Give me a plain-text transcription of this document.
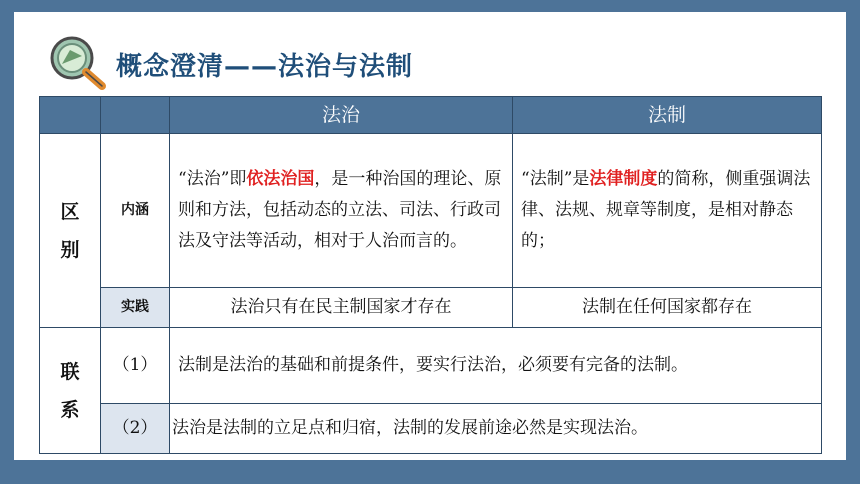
概念澄清——法治与法制
		法治	法制
区别	内涵	“法治”即依法治国，是一种治国的理论、原则和方法，包括动态的立法、司法、行政司法及守法等活动，相对于人治而言的。	“法制”是法律制度的简称，侧重强调法律、法规、规章等制度，是相对静态的；
	实践	法治只有在民主制国家才存在	法制在任何国家都存在
联系	（1）	法制是法治的基础和前提条件，要实行法治，必须要有完备的法制。	
	（2）	法治是法制的立足点和归宿，法制的发展前途必然是实现法治。	
